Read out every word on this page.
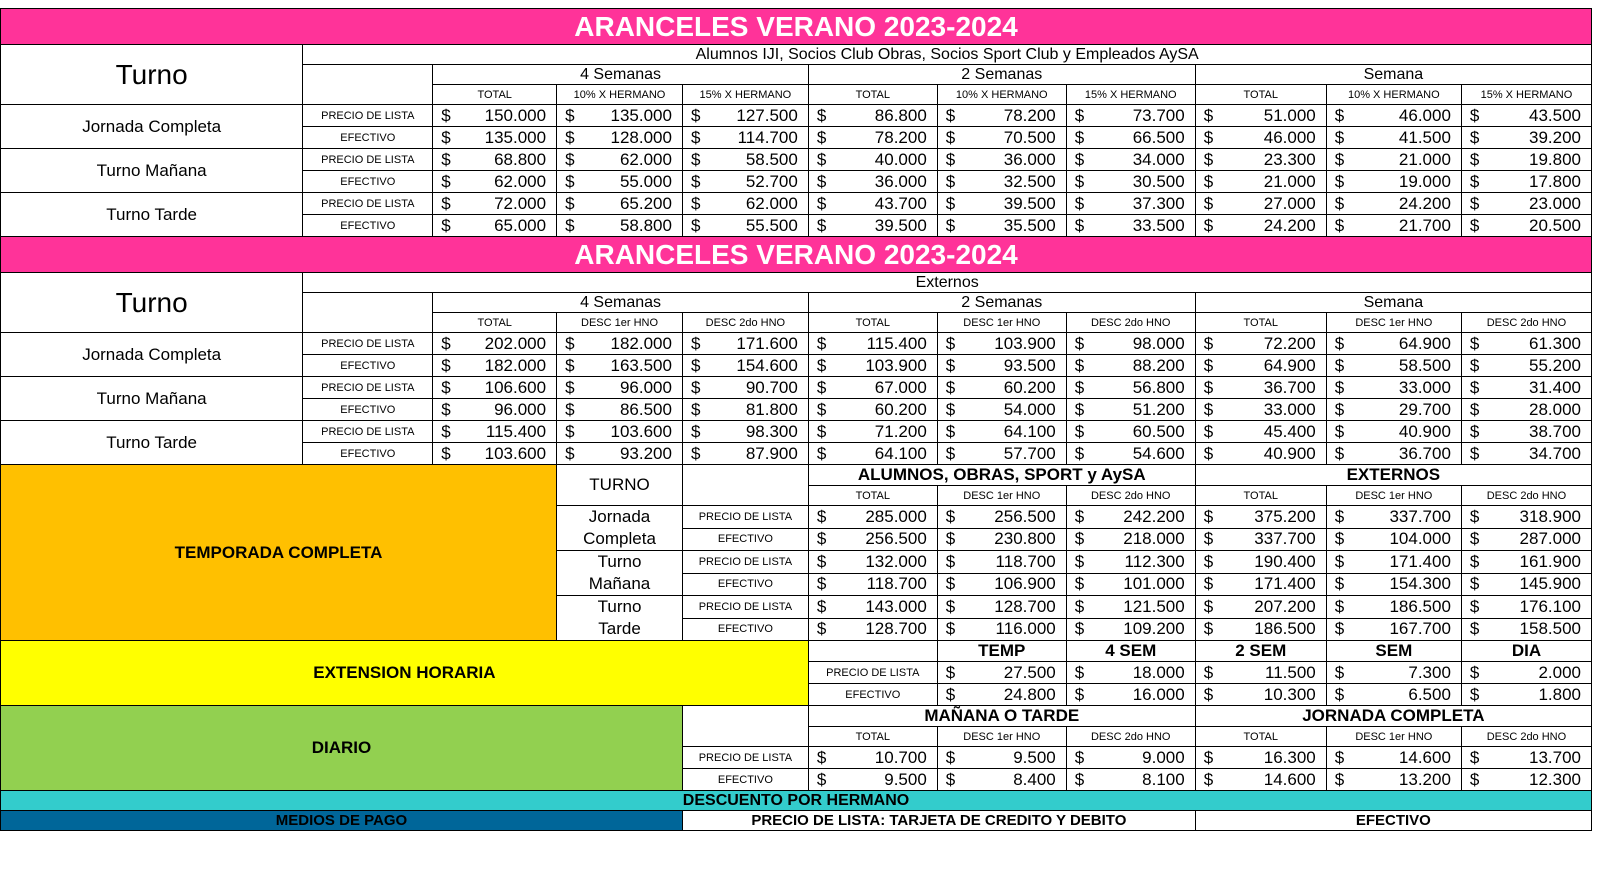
ARANCELES VERANO 2023-2024										
Turno	Alumnos IJI, Socios Club Obras, Socios Sport Club y Empleados AySA									
		4 Semanas			2 Semanas			Semana		
		TOTAL	10% X HERMANO	15% X HERMANO	TOTAL	10% X HERMANO	15% X HERMANO	TOTAL	10% X HERMANO	15% X HERMANO
Jornada Completa	PRECIO DE LISTA	$ 150.000	$ 135.000	$ 127.500	$ 86.800	$ 78.200	$ 73.700	$ 51.000	$ 46.000	$ 43.500

	EFECTIVO	$ 135.000	$ 128.000	$ 114.700	$ 78.200	$ 70.500	$ 66.500	$ 46.000	$ 41.500	$ 39.200

Turno Mañana	PRECIO DE LISTA	$ 68.800	$ 62.000	$ 58.500	$ 40.000	$ 36.000	$ 34.000	$ 23.300	$ 21.000	$ 19.800

	EFECTIVO	$ 62.000	$ 55.000	$ 52.700	$ 36.000	$ 32.500	$ 30.500	$ 21.000	$ 19.000	$ 17.800

Turno Tarde	PRECIO DE LISTA	$ 72.000	$ 65.200	$ 62.000	$ 43.700	$ 39.500	$ 37.300	$ 27.000	$ 24.200	$ 23.000

	EFECTIVO	$ 65.000	$ 58.800	$ 55.500	$ 39.500	$ 35.500	$ 33.500	$ 24.200	$ 21.700	$ 20.500

ARANCELES VERANO 2023-2024										
Turno	Externos									
		4 Semanas			2 Semanas			Semana		
		TOTAL	DESC 1er HNO	DESC 2do HNO	TOTAL	DESC 1er HNO	DESC 2do HNO	TOTAL	DESC 1er HNO	DESC 2do HNO
Jornada Completa	PRECIO DE LISTA	$ 202.000	$ 182.000	$ 171.600	$ 115.400	$ 103.900	$ 98.000	$ 72.200	$ 64.900	$ 61.300

	EFECTIVO	$ 182.000	$ 163.500	$ 154.600	$ 103.900	$ 93.500	$ 88.200	$ 64.900	$ 58.500	$ 55.200

Turno Mañana	PRECIO DE LISTA	$ 106.600	$ 96.000	$ 90.700	$ 67.000	$ 60.200	$ 56.800	$ 36.700	$ 33.000	$ 31.400

	EFECTIVO	$ 96.000	$ 86.500	$ 81.800	$ 60.200	$ 54.000	$ 51.200	$ 33.000	$ 29.700	$ 28.000

Turno Tarde	PRECIO DE LISTA	$ 115.400	$ 103.600	$ 98.300	$ 71.200	$ 64.100	$ 60.500	$ 45.400	$ 40.900	$ 38.700

	EFECTIVO	$ 103.600	$ 93.200	$ 87.900	$ 64.100	$ 57.700	$ 54.600	$ 40.900	$ 36.700	$ 34.700

TEMPORADA COMPLETA			TURNO		ALUMNOS, OBRAS, SPORT y AySA			EXTERNOS		
					TOTAL	DESC 1er HNO	DESC 2do HNO	TOTAL	DESC 1er HNO	DESC 2do HNO
			Jornada	PRECIO DE LISTA	$ 285.000	$ 256.500	$ 242.200	$ 375.200	$ 337.700	$ 318.900

			Completa	EFECTIVO	$ 256.500	$ 230.800	$ 218.000	$ 337.700	$ 104.000	$ 287.000

			Turno	PRECIO DE LISTA	$ 132.000	$ 118.700	$ 112.300	$ 190.400	$ 171.400	$ 161.900

			Mañana	EFECTIVO	$ 118.700	$ 106.900	$ 101.000	$ 171.400	$ 154.300	$ 145.900

			Turno	PRECIO DE LISTA	$ 143.000	$ 128.700	$ 121.500	$ 207.200	$ 186.500	$ 176.100

			Tarde	EFECTIVO	$ 128.700	$ 116.000	$ 109.200	$ 186.500	$ 167.700	$ 158.500

EXTENSION HORARIA						TEMP	4 SEM	2 SEM	SEM	DIA
					PRECIO DE LISTA	$ 27.500	$ 18.000	$ 11.500	$ 7.300	$ 2.000

					EFECTIVO	$ 24.800	$ 16.000	$ 10.300	$ 6.500	$ 1.800

DIARIO					MAÑANA O TARDE			JORNADA COMPLETA		
					TOTAL	DESC 1er HNO	DESC 2do HNO	TOTAL	DESC 1er HNO	DESC 2do HNO
				PRECIO DE LISTA	$ 10.700	$ 9.500	$ 9.000	$ 16.300	$ 14.600	$ 13.700

				EFECTIVO	$ 9.500	$ 8.400	$ 8.100	$ 14.600	$ 13.200	$ 12.300

DESCUENTO POR HERMANO										
MEDIOS DE PAGO				PRECIO DE LISTA: TARJETA DE CREDITO Y DEBITO				EFECTIVO		
